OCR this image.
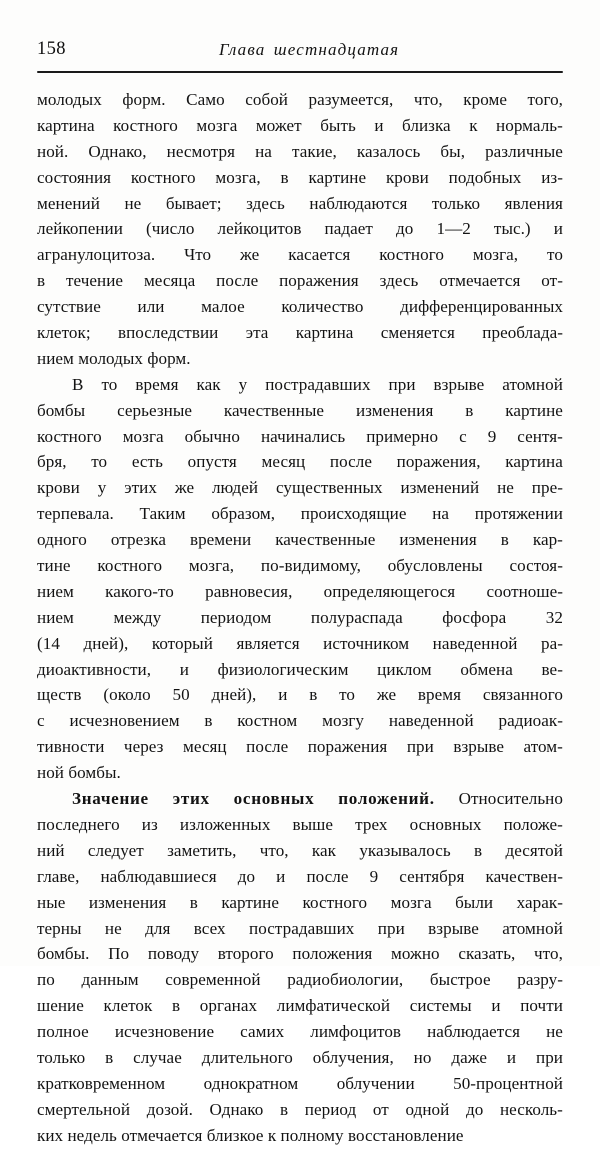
158	Глава шестнадцатая
молодых форм. Само собой разумеется, что, кроме того,
картина костного мозга может быть и близка к нормаль-
ной. Однако, несмотря на такие, казалось бы, различные
состояния костного мозга, в картине крови подобных из-
менений не бывает; здесь наблюдаются только явления
лейкопении (число лейкоцитов падает до 1—2 тыс.) и
агранулоцитоза. Что же касается костного мозга, то
в течение месяца после поражения здесь отмечается от-
сутствие или малое количество дифференцированных
клеток; впоследствии эта картина сменяется преоблада-
нием молодых форм.
В то время как у пострадавших при взрыве атомной
бомбы серьезные качественные изменения в картине
костного мозга обычно начинались примерно с 9 сентя-
бря, то есть опустя месяц после поражения, картина
крови у этих же людей существенных изменений не пре-
терпевала. Таким образом, происходящие на протяжении
одного отрезка времени качественные изменения в кар-
тине костного мозга, по-видимому, обусловлены состоя-
нием какого-то равновесия, определяющегося соотноше-
нием между периодом полураспада фосфора 32
(14 дней), который является источником наведенной ра-
диоактивности, и физиологическим циклом обмена ве-
ществ (около 50 дней), и в то же время связанного
с исчезновением в костном мозгу наведенной радиоак-
тивности через месяц после поражения при взрыве атом-
ной бомбы.
Значение этих основных положений. Относительно
последнего из изложенных выше трех основных положе-
ний следует заметить, что, как указывалось в десятой
главе, наблюдавшиеся до и после 9 сентября качествен-
ные изменения в картине костного мозга были харак-
терны не для всех пострадавших при взрыве атомной
бомбы. По поводу второго положения можно сказать, что,
по данным современной радиобиологии, быстрое разру-
шение клеток в органах лимфатической системы и почти
полное исчезновение самих лимфоцитов наблюдается не
только в случае длительного облучения, но даже и при
кратковременном однократном облучении 50-процентной
смертельной дозой. Однако в период от одной до несколь-
ких недель отмечается близкое к полному восстановление
